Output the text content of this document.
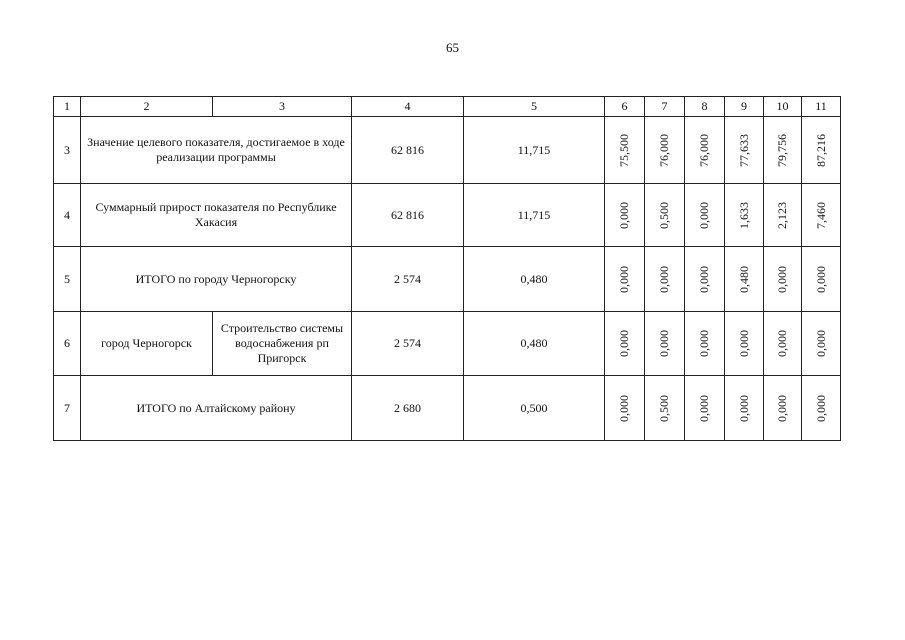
65
1	2	3	4	5	6	7	8	9	10	11
3	Значение целевого показателя, достигаемое в ходе реализации программы		62 816	11,715	75,500	76,000	76,000	77,633	79,756	87,216
4	Суммарный прирост показателя по Республике Хакасия		62 816	11,715	0,000	0,500	0,000	1,633	2,123	7,460
5	ИТОГО по городу Черногорску		2 574	0,480	0,000	0,000	0,000	0,480	0,000	0,000
6	город Черногорск	Строительство системы водоснабжения рп Пригорск	2 574	0,480	0,000	0,000	0,000	0,000	0,000	0,000
7	ИТОГО по Алтайскому району		2 680	0,500	0,000	0,500	0,000	0,000	0,000	0,000
